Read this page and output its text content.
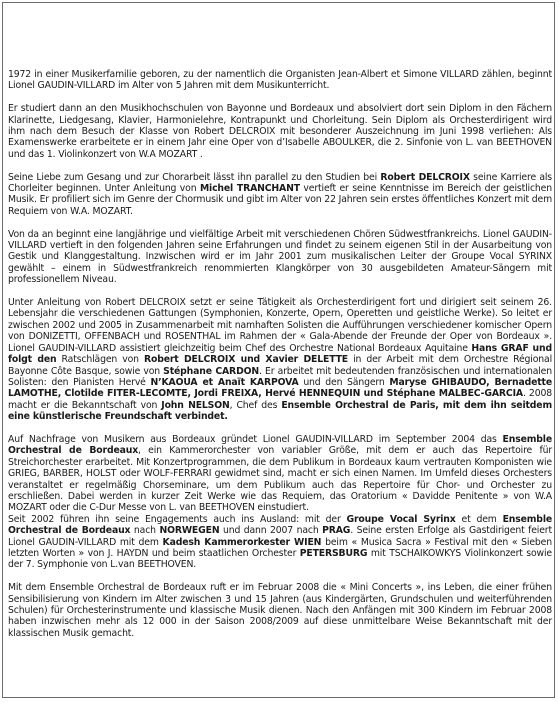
1972 in einer Musikerfamilie geboren, zu der namentlich die Organisten Jean-Albert et Simone VILLARD zählen, beginnt Lionel GAUDIN-VILLARD im Alter von 5 Jahren mit dem Musikunterricht.

Er studiert dann an den Musikhochschulen von Bayonne und Bordeaux und absolviert dort sein Diplom in den Fächern Klarinette, Liedgesang, Klavier, Harmonielehre, Kontrapunkt und Chorleitung. Sein Diplom als Orchesterdirigent wird ihm nach dem Besuch der Klasse von Robert DELCROIX mit besonderer Auszeichnung im Juni 1998 verliehen: Als Examenswerke erarbeitete er in einem Jahr eine Oper von d’Isabelle ABOULKER, die 2. Sinfonie von L. van BEETHOVEN und das 1. Violinkonzert von W.A MOZART .

Seine Liebe zum Gesang und zur Chorarbeit lässt ihn parallel zu den Studien bei Robert DELCROIX seine Karriere als Chorleiter beginnen. Unter Anleitung von Michel TRANCHANT vertieft er seine Kenntnisse im Bereich der geistlichen Musik. Er profiliert sich im Genre der Chormusik und gibt im Alter von 22 Jahren sein erstes öffentliches Konzert mit dem Requiem von W.A. MOZART.

Von da an beginnt eine langjährige und vielfältige Arbeit mit verschiedenen Chören Südwestfrankreichs. Lionel GAUDIN-VILLARD vertieft in den folgenden Jahren seine Erfahrungen und findet zu seinem eigenen Stil in der Ausarbeitung von Gestik und Klanggestaltung. Inzwischen wird er im Jahr 2001 zum musikalischen Leiter der Groupe Vocal SYRINX gewählt – einem in Südwestfrankreich renommierten Klangkörper von 30 ausgebildeten Amateur-Sängern mit professionellem Niveau.

Unter Anleitung von Robert DELCROIX setzt er seine Tätigkeit als Orchesterdirigent fort und dirigiert seit seinem 26. Lebensjahr die verschiedenen Gattungen (Symphonien, Konzerte, Opern, Operetten und geistliche Werke). So leitet er zwischen 2002 und 2005 in Zusammenarbeit mit namhaften Solisten die Aufführungen verschiedener komischer Opern von DONIZETTI, OFFENBACH und ROSENTHAL im Rahmen der « Gala-Abende der Freunde der Oper von Bordeaux ». Lionel GAUDIN-VILLARD assistiert gleichzeitig beim Chef des Orchestre National Bordeaux Aquitaine Hans GRAF und folgt den Ratschlägen von Robert DELCROIX und Xavier DELETTE in der Arbeit mit dem Orchestre Régional Bayonne Côte Basque, sowie von Stéphane CARDON. Er arbeitet mit bedeutenden französischen und internationalen Solisten: den Pianisten Hervé N’KAOUA et Anaït KARPOVA und den Sängern Maryse GHIBAUDO, Bernadette LAMOTHE, Clotilde FITER-LECOMTE, Jordi FREIXA, Hervé HENNEQUIN und Stéphane MALBEC-GARCIA. 2008 macht er die Bekanntschaft von John NELSON, Chef des Ensemble Orchestral de Paris, mit dem ihn seitdem eine künstlerische Freundschaft verbindet.

Auf Nachfrage von Musikern aus Bordeaux gründet Lionel GAUDIN-VILLARD im September 2004 das Ensemble Orchestral de Bordeaux, ein Kammerorchester von variabler Größe, mit dem er auch das Repertoire für Streichorchester erarbeitet. Mit Konzertprogrammen, die dem Publikum in Bordeaux kaum vertrauten Komponisten wie GRIEG, BARBER, HOLST oder WOLF-FERRARI gewidmet sind, macht er sich einen Namen. Im Umfeld dieses Orchesters veranstaltet er regelmäßig Chorseminare, um dem Publikum auch das Repertoire für Chor- und Orchester zu erschließen. Dabei werden in kurzer Zeit Werke wie das Requiem, das Oratorium « Davidde Penitente » von W.A MOZART oder die C-Dur Messe von L. van BEETHOVEN einstudiert.

Seit 2002 führen ihn seine Engagements auch ins Ausland: mit der Groupe Vocal Syrinx et dem Ensemble Orchestral de Bordeaux nach NORWEGEN und dann 2007 nach PRAG. Seine ersten Erfolge als Gastdirigent feiert Lionel GAUDIN-VILLARD mit dem Kadesh Kammerorkester WIEN beim « Musica Sacra » Festival mit den « Sieben letzten Worten » von J. HAYDN und beim staatlichen Orchester PETERSBURG mit TSCHAIKOWKYS Violinkonzert sowie der 7. Symphonie von L.van BEETHOVEN.

Mit dem Ensemble Orchestral de Bordeaux ruft er im Februar 2008 die « Mini Concerts », ins Leben, die einer frühen Sensibilisierung von Kindern im Alter zwischen 3 und 15 Jahren (aus Kindergärten, Grundschulen und weiterführenden Schulen) für Orchesterinstrumente und klassische Musik dienen. Nach den Anfängen mit 300 Kindern im Februar 2008 haben inzwischen mehr als 12 000 in der Saison 2008/2009 auf diese unmittelbare Weise Bekanntschaft mit der klassischen Musik gemacht.
